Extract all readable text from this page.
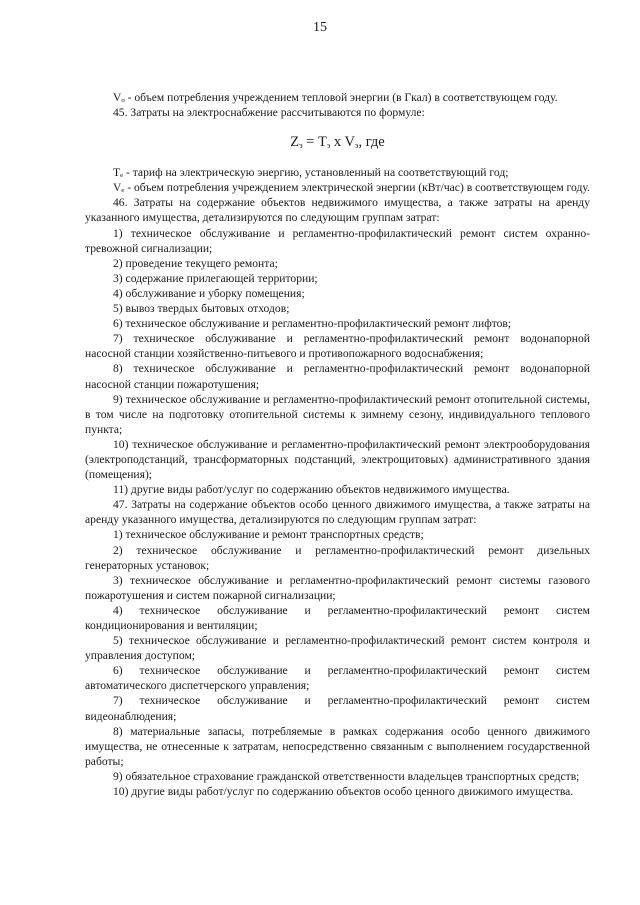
15

Vₒ - объем потребления учреждением тепловой энергии (в Гкал) в соответствующем году.

45. Затраты на электроснабжение рассчитываются по формуле:

$Z_э = T_э$ x $V_э$, где

Tₑ - тариф на электрическую энергию, установленный на соответствующий год;

Vₑ - объем потребления учреждением электрической энергии (кВт/час) в соответствующем году.

46. Затраты на содержание объектов недвижимого имущества, а также затраты на аренду указанного имущества, детализируются по следующим группам затрат:

1) техническое обслуживание и регламентно-профилактический ремонт систем охранно-тревожной сигнализации;

2) проведение текущего ремонта;

3) содержание прилегающей территории;

4) обслуживание и уборку помещения;

5) вывоз твердых бытовых отходов;

6) техническое обслуживание и регламентно-профилактический ремонт лифтов;

7) техническое обслуживание и регламентно-профилактический ремонт водонапорной насосной станции хозяйственно-питьевого и противопожарного водоснабжения;

8) техническое обслуживание и регламентно-профилактический ремонт водонапорной насосной станции пожаротушения;

9) техническое обслуживание и регламентно-профилактический ремонт отопительной системы, в том числе на подготовку отопительной системы к зимнему сезону, индивидуального теплового пункта;

10) техническое обслуживание и регламентно-профилактический ремонт электрооборудования (электроподстанций, трансформаторных подстанций, электрощитовых) административного здания (помещения);

11) другие виды работ/услуг по содержанию объектов недвижимого имущества.

47. Затраты на содержание объектов особо ценного движимого имущества, а также затраты на аренду указанного имущества, детализируются по следующим группам затрат:

1) техническое обслуживание и ремонт транспортных средств;

2) техническое обслуживание и регламентно-профилактический ремонт дизельных генераторных установок;

3) техническое обслуживание и регламентно-профилактический ремонт системы газового пожаротушения и систем пожарной сигнализации;

4) техническое обслуживание и регламентно-профилактический ремонт систем кондиционирования и вентиляции;

5) техническое обслуживание и регламентно-профилактический ремонт систем контроля и управления доступом;

6) техническое обслуживание и регламентно-профилактический ремонт систем автоматического диспетчерского управления;

7) техническое обслуживание и регламентно-профилактический ремонт систем видеонаблюдения;

8) материальные запасы, потребляемые в рамках содержания особо ценного движимого имущества, не отнесенные к затратам, непосредственно связанным с выполнением государственной работы;

9) обязательное страхование гражданской ответственности владельцев транспортных средств;

10) другие виды работ/услуг по содержанию объектов особо ценного движимого имущества.
